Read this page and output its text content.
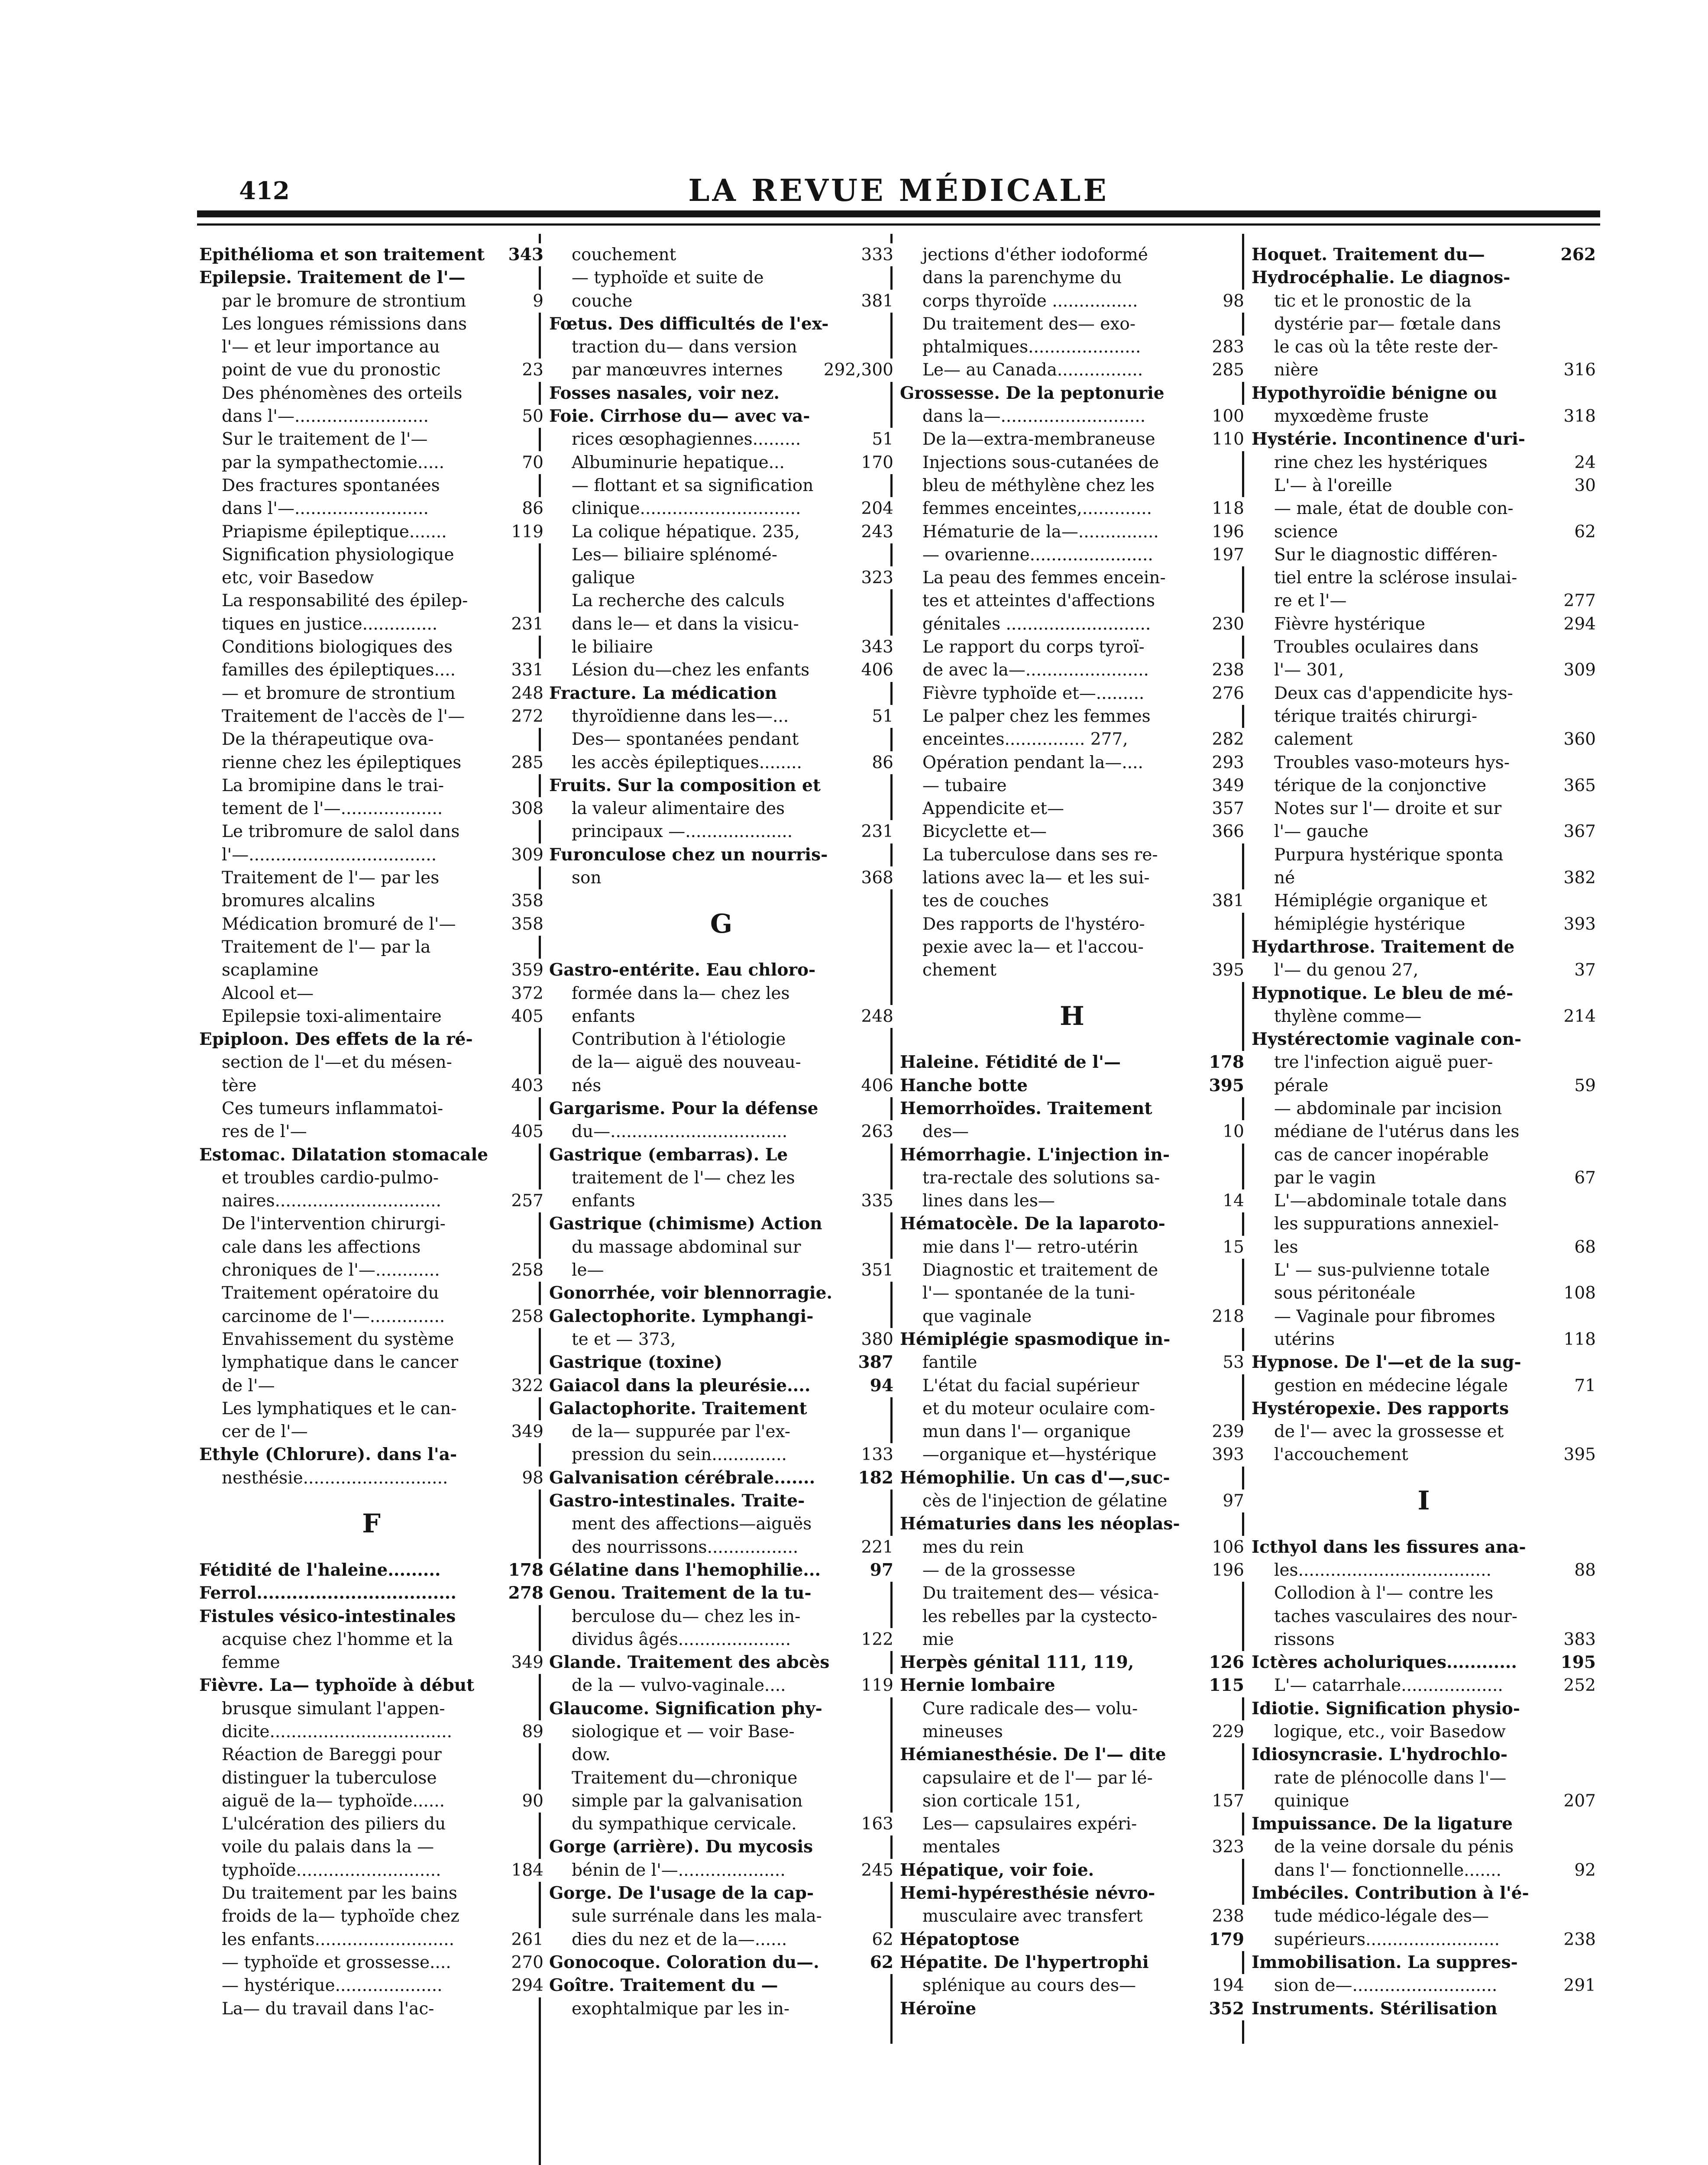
412	LA REVUE MÉDICALE
Epithélioma et son traitement	343
Epilepsie. Traitement de l'—
par le bromure de strontium	9
Les longues rémissions dans
l'— et leur importance au
point de vue du pronostic	23
Des phénomènes des orteils
dans l'—.........................	50
Sur le traitement de l'—
par la sympathectomie.....	70
Des fractures spontanées
dans l'—.........................	86
Priapisme épileptique.......	119
Signification physiologique
etc, voir Basedow
La responsabilité des épilep-
tiques en justice..............	231
Conditions biologiques des
familles des épileptiques....	331
— et bromure de strontium	248
Traitement de l'accès de l'—	272
De la thérapeutique ova-
rienne chez les épileptiques	285
La bromipine dans le trai-
tement de l'—...................	308
Le tribromure de salol dans
l'—...................................	309
Traitement de l'— par les
bromures alcalins	358
Médication bromuré de l'—	358
Traitement de l'— par la
scaplamine	359
Alcool et—	372
Epilepsie toxi-alimentaire	405
Epiploon. Des effets de la ré-
section de l'—et du mésen-
tère	403
Ces tumeurs inflammatoi-
res de l'—	405
Estomac. Dilatation stomacale
et troubles cardio-pulmo-
naires...............................	257
De l'intervention chirurgi-
cale dans les affections
chroniques de l'—............	258
Traitement opératoire du
carcinome de l'—..............	258
Envahissement du système
lymphatique dans le cancer
de l'—	322
Les lymphatiques et le can-
cer de l'—	349
Ethyle (Chlorure). dans l'a-
nesthésie...........................	98
F
Fétidité de l'haleine.........	178
Ferrol..................................	278
Fistules vésico-intestinales
acquise chez l'homme et la
femme	349
Fièvre. La— typhoïde à début
brusque simulant l'appen-
dicite..................................	89
Réaction de Bareggi pour
distinguer la tuberculose
aiguë de la— typhoïde......	90
L'ulcération des piliers du
voile du palais dans la —
typhoïde...........................	184
Du traitement par les bains
froids de la— typhoïde chez
les enfants..........................	261
— typhoïde et grossesse....	270
— hystérique....................	294
La— du travail dans l'ac-
couchement	333
— typhoïde et suite de
couche	381
Fœtus. Des difficultés de l'ex-
traction du— dans version
par manœuvres internes	292,300
Fosses nasales, voir nez.
Foie. Cirrhose du— avec va-
rices œsophagiennes.........	51
Albuminurie hepatique...	170
— flottant et sa signification
clinique..............................	204
La colique hépatique. 235,	243
Les— biliaire splénomé-
galique	323
La recherche des calculs
dans le— et dans la visicu-
le biliaire	343
Lésion du—chez les enfants	406
Fracture. La médication
thyroïdienne dans les—...	51
Des— spontanées pendant
les accès épileptiques........	86
Fruits. Sur la composition et
la valeur alimentaire des
principaux —....................	231
Furonculose chez un nourris-
son	368
G
Gastro-entérite. Eau chloro-
formée dans la— chez les
enfants	248
Contribution à l'étiologie
de la— aiguë des nouveau-
nés	406
Gargarisme. Pour la défense
du—.................................	263
Gastrique (embarras). Le
traitement de l'— chez les
enfants	335
Gastrique (chimisme) Action
du massage abdominal sur
le—	351
Gonorrhée, voir blennorragie.
Galectophorite. Lymphangi-
te et — 373,	380
Gastrique (toxine)	387
Gaiacol dans la pleurésie....	94
Galactophorite. Traitement
de la— suppurée par l'ex-
pression du sein..............	133
Galvanisation cérébrale.......	182
Gastro-intestinales. Traite-
ment des affections—aiguës
des nourrissons.................	221
Gélatine dans l'hemophilie...	97
Genou. Traitement de la tu-
berculose du— chez les in-
dividus âgés.....................	122
Glande. Traitement des abcès
de la — vulvo-vaginale....	119
Glaucome. Signification phy-
siologique et — voir Base-
dow.
Traitement du—chronique
simple par la galvanisation
du sympathique cervicale.	163
Gorge (arrière). Du mycosis
bénin de l'—....................	245
Gorge. De l'usage de la cap-
sule surrénale dans les mala-
dies du nez et de la—......	62
Gonocoque. Coloration du—.	62
Goître. Traitement du —
exophtalmique par les in-
jections d'éther iodoformé
dans la parenchyme du
corps thyroïde ................	98
Du traitement des— exo-
phtalmiques.....................	283
Le— au Canada................	285
Grossesse. De la peptonurie
dans la—...........................	100
De la—extra-membraneuse	110
Injections sous-cutanées de
bleu de méthylène chez les
femmes enceintes,.............	118
Hématurie de la—...............	196
— ovarienne.......................	197
La peau des femmes encein-
tes et atteintes d'affections
génitales ...........................	230
Le rapport du corps tyroï-
de avec la—.......................	238
Fièvre typhoïde et—.........	276
Le palper chez les femmes
enceintes............... 277,	282
Opération pendant la—....	293
— tubaire	349
Appendicite et—	357
Bicyclette et—	366
La tuberculose dans ses re-
lations avec la— et les sui-
tes de couches	381
Des rapports de l'hystéro-
pexie avec la— et l'accou-
chement	395
H
Haleine. Fétidité de l'—	178
Hanche botte	395
Hemorrhoïdes. Traitement
des—	10
Hémorrhagie. L'injection in-
tra-rectale des solutions sa-
lines dans les—	14
Hématocèle. De la laparoto-
mie dans l'— retro-utérin	15
Diagnostic et traitement de
l'— spontanée de la tuni-
que vaginale	218
Hémiplégie spasmodique in-
fantile	53
L'état du facial supérieur
et du moteur oculaire com-
mun dans l'— organique	239
—organique et—hystérique	393
Hémophilie. Un cas d'—,suc-
cès de l'injection de gélatine	97
Hématuries dans les néoplas-
mes du rein	106
— de la grossesse	196
Du traitement des— vésica-
les rebelles par la cystecto-
mie
Herpès génital 111, 119,	126
Hernie lombaire	115
Cure radicale des— volu-
mineuses	229
Hémianesthésie. De l'— dite
capsulaire et de l'— par lé-
sion corticale 151,	157
Les— capsulaires expéri-
mentales	323
Hépatique, voir foie.
Hemi-hypéresthésie névro-
musculaire avec transfert	238
Hépatoptose	179
Hépatite. De l'hypertrophi
splénique au cours des—	194
Héroïne	352
Hoquet. Traitement du—	262
Hydrocéphalie. Le diagnos-
tic et le pronostic de la
dystérie par— fœtale dans
le cas où la tête reste der-
nière	316
Hypothyroïdie bénigne ou
myxœdème fruste	318
Hystérie. Incontinence d'uri-
rine chez les hystériques	24
L'— à l'oreille	30
— male, état de double con-
science	62
Sur le diagnostic différen-
tiel entre la sclérose insulai-
re et l'—	277
Fièvre hystérique	294
Troubles oculaires dans
l'— 301,	309
Deux cas d'appendicite hys-
térique traités chirurgi-
calement	360
Troubles vaso-moteurs hys-
térique de la conjonctive	365
Notes sur l'— droite et sur
l'— gauche	367
Purpura hystérique sponta
né	382
Hémiplégie organique et
hémiplégie hystérique	393
Hydarthrose. Traitement de
l'— du genou 27,	37
Hypnotique. Le bleu de mé-
thylène comme—	214
Hystérectomie vaginale con-
tre l'infection aiguë puer-
pérale	59
— abdominale par incision
médiane de l'utérus dans les
cas de cancer inopérable
par le vagin	67
L'—abdominale totale dans
les suppurations annexiel-
les	68
L' — sus-pulvienne totale
sous péritonéale	108
— Vaginale pour fibromes
utérins	118
Hypnose. De l'—et de la sug-
gestion en médecine légale	71
Hystéropexie. Des rapports
de l'— avec la grossesse et
l'accouchement	395
I
Icthyol dans les fissures ana-
les....................................	88
Collodion à l'— contre les
taches vasculaires des nour-
rissons	383
Ictères acholuriques............	195
L'— catarrhale...................	252
Idiotie. Signification physio-
logique, etc., voir Basedow
Idiosyncrasie. L'hydrochlo-
rate de plénocolle dans l'—
quinique	207
Impuissance. De la ligature
de la veine dorsale du pénis
dans l'— fonctionnelle.......	92
Imbéciles. Contribution à l'é-
tude médico-légale des—
supérieurs.........................	238
Immobilisation. La suppres-
sion de—...........................	291
Instruments. Stérilisation
